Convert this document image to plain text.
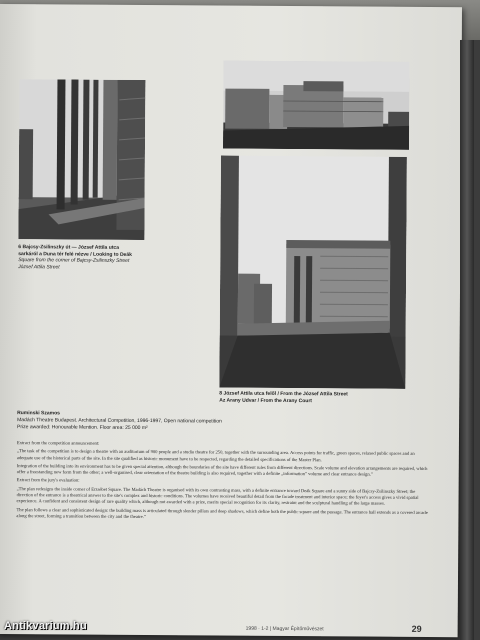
6 Bajcsy-Zsilinszky út — József Attila utca
sarkáról a Duna tér felé nézve / Looking to Deák
Square from the corner of Bajcsy-Zsilinszky Street
József Attila Street
8 József Attila utca felől / From the József Attila Street
Az Arany Udvar / From the Arany Court
Ruminski Szamos
Madách Theatre Budapest. Architectural Competition, 1996-1997, Open national competition
Prize awarded: Honourable Mention. Floor area: 25 000 m²

Extract from the competition announcement:

„The task of the competition is to design a theatre with an auditorium of 900 people and a studio theatre for 250, together with the surrounding area. Access points for traffic, green spaces, relaxed public spaces and an adequate use of the historical parts of the site. In the site qualified as historic monument have to be respected, regarding the detailed specifications of the Master Plan.

Integration of the building into its environment has to be given special attention, although the boundaries of the site have different rules from different directions. Scale volume and elevation arrangements are required, which offer a freestanding new form from the other; a well-organised, clear orientation of the theatre building is also required, together with a definite „information” volume and clear entrance design.”

Extract from the jury's evaluation:

„The plan redesigns the inside corner of Erzsébet Square. The Madách Theatre is organised with its own contrasting mass, with a definite entrance toward Deák Square and a sunny side of Bajcsy-Zsilinszky Street; the direction of the entrance is a theatrical answer to the site's complex and historic conditions. The volumes have received beautiful detail from the facade treatment and interior space; the foyer's access gives a vivid spatial experience. A confident and consistent design of rare quality which, although not awarded with a prize, merits special recognition for its clarity, restraint and the sculptural handling of the large masses.

The plan follows a clear and sophisticated design: the building mass is articulated through slender pillars and deep shadows, which define both the public square and the passage. The entrance hall extends as a covered arcade along the street, forming a transition between the city and the theatre.”

1998 · 1-2 | Magyar Építőművészet	29
Antikvarium.hu
